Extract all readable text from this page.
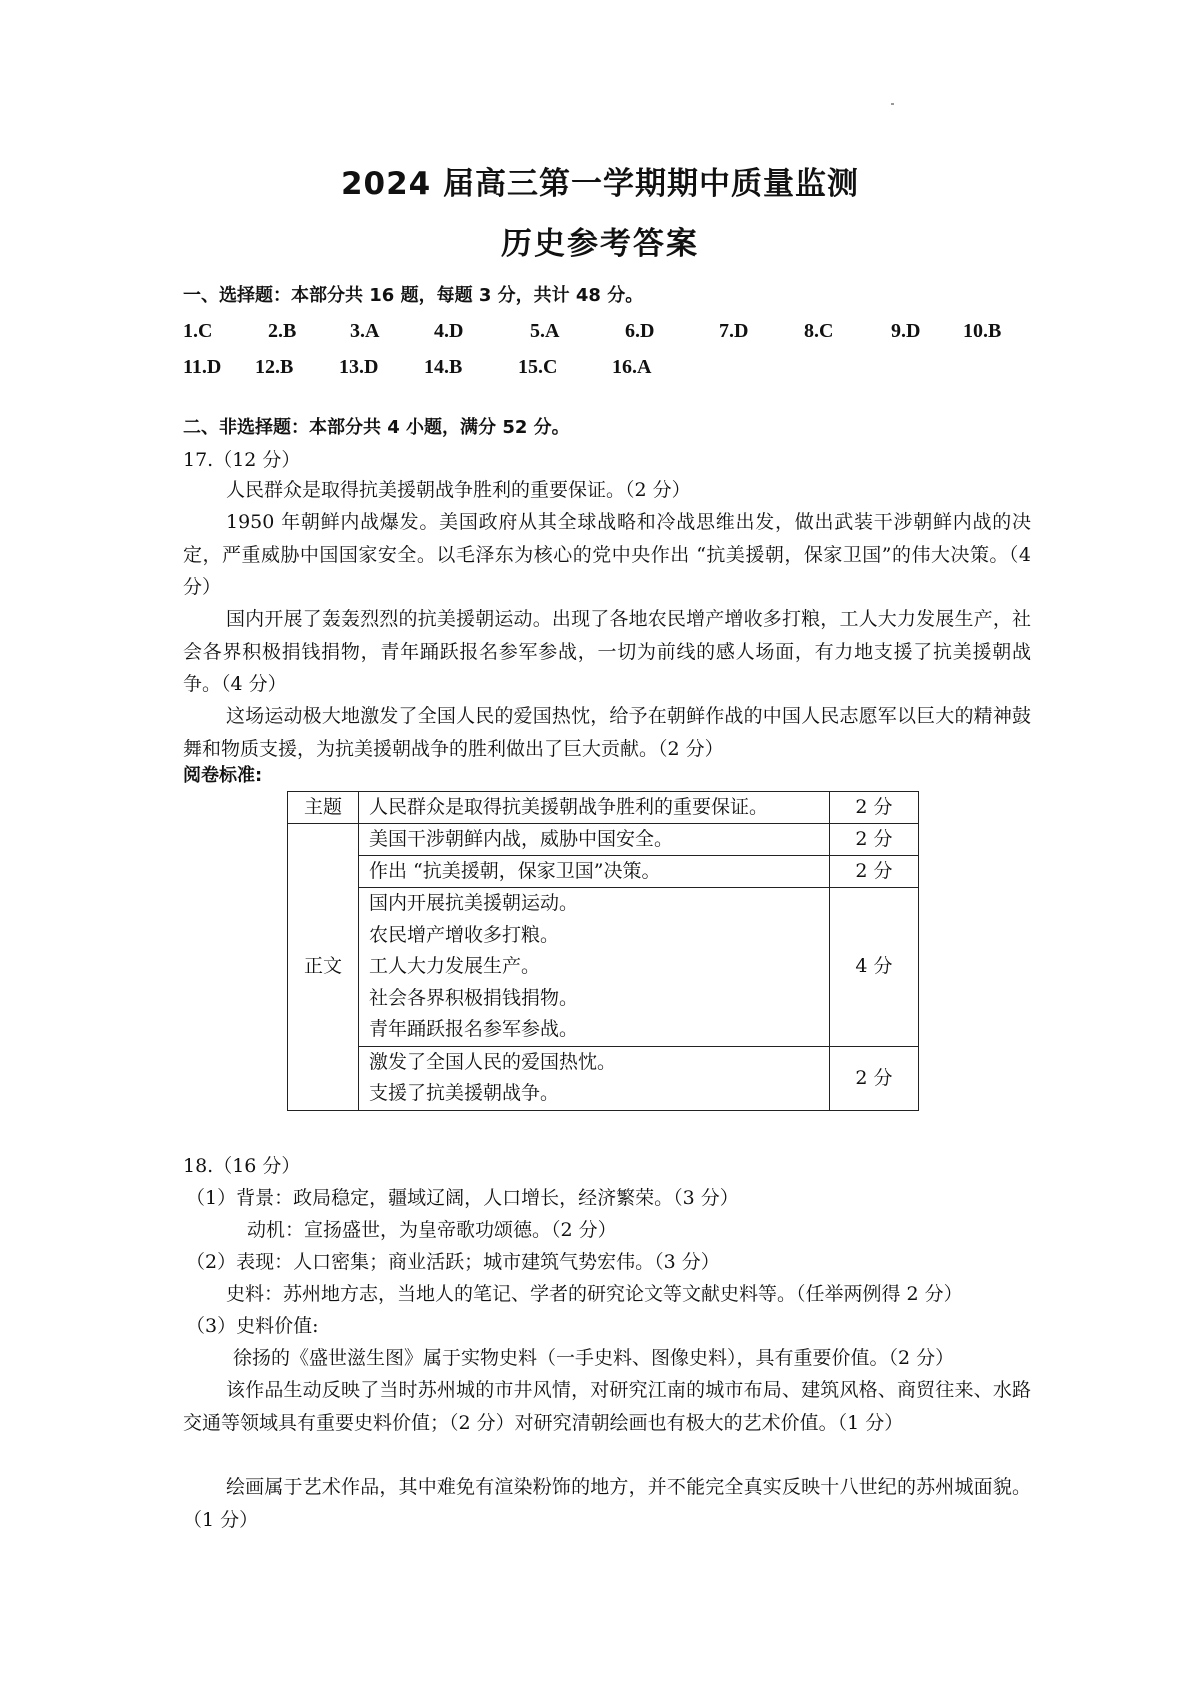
2024 届高三第一学期期中质量监测
历史参考答案
一、选择题：本部分共 16 题，每题 3 分，共计 48 分。
1.C	2.B	3.A	4.D	5.A	6.D	7.D	8.C	9.D 10.B
11.D 12.B 13.D 14.B	15.C	16.A
二、非选择题：本部分共 4 小题，满分 52 分。
17.（12 分）
人民群众是取得抗美援朝战争胜利的重要保证。（2 分）
1950 年朝鲜内战爆发。美国政府从其全球战略和冷战思维出发，做出武装干涉朝鲜内战的决定，严重威胁中国国家安全。以毛泽东为核心的党中央作出 “抗美援朝，保家卫国”的伟大决策。（4 分）
国内开展了轰轰烈烈的抗美援朝运动。出现了各地农民增产增收多打粮，工人大力发展生产，社会各界积极捐钱捐物，青年踊跃报名参军参战，一切为前线的感人场面，有力地支援了抗美援朝战争。（4 分）
这场运动极大地激发了全国人民的爱国热忱，给予在朝鲜作战的中国人民志愿军以巨大的精神鼓舞和物质支援，为抗美援朝战争的胜利做出了巨大贡献。（2 分）
阅卷标准:
主题	人民群众是取得抗美援朝战争胜利的重要保证。	2 分
正文	美国干涉朝鲜内战，威胁中国安全。	2 分
	作出 “抗美援朝，保家卫国”决策。	2 分

	国内开展抗美援朝运动。
农民增产增收多打粮。
工人大力发展生产。
社会各界积极捐钱捐物。
青年踊跃报名参军参战。	4 分

	激发了全国人民的爱国热忱。
支援了抗美援朝战争。	2 分
18.（16 分）
（1）背景：政局稳定，疆域辽阔，人口增长，经济繁荣。（3 分）
动机：宣扬盛世，为皇帝歌功颂德。（2 分）
（2）表现：人口密集；商业活跃；城市建筑气势宏伟。（3 分）
史料：苏州地方志，当地人的笔记、学者的研究论文等文献史料等。（任举两例得 2 分）
（3）史料价值:
徐扬的《盛世滋生图》属于实物史料（一手史料、图像史料），具有重要价值。（2 分）
该作品生动反映了当时苏州城的市井风情，对研究江南的城市布局、建筑风格、商贸往来、水路交通等领域具有重要史料价值；（2 分）对研究清朝绘画也有极大的艺术价值。（1 分）
绘画属于艺术作品，其中难免有渲染粉饰的地方，并不能完全真实反映十八世纪的苏州城面貌。（1 分）
